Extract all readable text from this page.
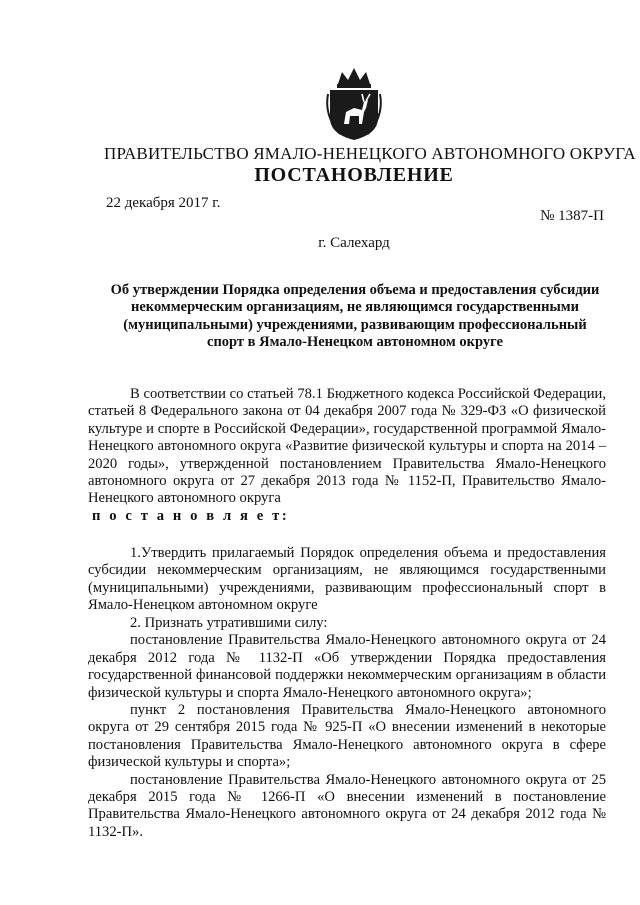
ПРАВИТЕЛЬСТВО ЯМАЛО-НЕНЕЦКОГО АВТОНОМНОГО ОКРУГА
ПОСТАНОВЛЕНИЕ
22 декабря 2017 г.
№ 1387-П
г. Салехард
Об утверждении Порядка определения объема и предоставления субсидии некоммерческим организациям, не являющимся государственными (муниципальными) учреждениями, развивающим профессиональный спорт в Ямало-Ненецком автономном округе
В соответствии со статьей 78.1 Бюджетного кодекса Российской Федерации, статьей 8 Федерального закона от 04 декабря 2007 года № 329-ФЗ «О физической культуре и спорте в Российской Федерации», государственной программой Ямало-Ненецкого автономного округа «Развитие физической культуры и спорта на 2014 – 2020 годы», утвержденной постановлением Правительства Ямало-Ненецкого автономного округа от 27 декабря 2013 года № 1152-П, Правительство Ямало-Ненецкого автономного округа
п о с т а н о в л я е т:
1.Утвердить прилагаемый Порядок определения объема и предоставления субсидии некоммерческим организациям, не являющимся государственными (муниципальными) учреждениями, развивающим профессиональный спорт в Ямало-Ненецком автономном округе
2. Признать утратившими силу:
постановление Правительства Ямало-Ненецкого автономного округа от 24 декабря 2012 года № 1132-П «Об утверждении Порядка предоставления государственной финансовой поддержки некоммерческим организациям в области физической культуры и спорта Ямало-Ненецкого автономного округа»;
пункт 2 постановления Правительства Ямало-Ненецкого автономного округа от 29 сентября 2015 года № 925-П «О внесении изменений в некоторые постановления Правительства Ямало-Ненецкого автономного округа в сфере физической культуры и спорта»;
постановление Правительства Ямало-Ненецкого автономного округа от 25 декабря 2015 года № 1266-П «О внесении изменений в постановление Правительства Ямало-Ненецкого автономного округа от 24 декабря 2012 года № 1132-П».
